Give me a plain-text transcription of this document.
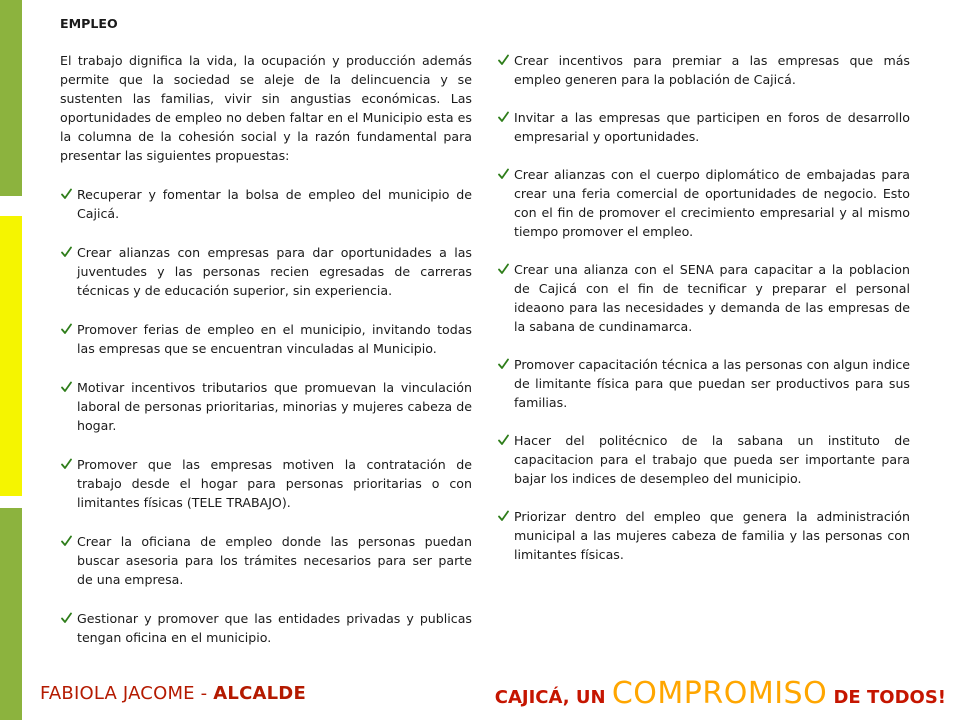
EMPLEO
El trabajo dignifica la vida, la ocupación y producción además permite que la sociedad se aleje de la delincuencia y se sustenten las familias, vivir sin angustias económicas. Las oportunidades de empleo no deben faltar en el Municipio esta es la columna de la cohesión social y la razón fundamental para presentar las siguientes propuestas:
Recuperar y fomentar la bolsa de empleo del municipio de Cajicá.
Crear alianzas con empresas para dar oportunidades a las juventudes y las personas recien egresadas de carreras técnicas y de educación superior, sin experiencia.
Promover ferias de empleo en el municipio, invitando todas las empresas que se encuentran vinculadas al Municipio.
Motivar incentivos tributarios que promuevan la vinculación laboral de personas prioritarias, minorias y mujeres cabeza de hogar.
Promover que las empresas motiven la contratación de trabajo desde el hogar para personas prioritarias o con limitantes físicas (TELE TRABAJO).
Crear la oficiana de empleo donde las personas puedan buscar asesoria para los trámites necesarios para ser parte de una empresa.
Gestionar y promover que las entidades privadas y publicas tengan oficina en el municipio.
Crear incentivos para premiar a las empresas que más empleo generen para la población de Cajicá.
Invitar a las empresas que participen en foros de desarrollo empresarial y oportunidades.
Crear alianzas con el cuerpo diplomático de embajadas para crear una feria comercial de oportunidades de negocio. Esto con el fin de promover el crecimiento empresarial y al mismo tiempo promover el empleo.
Crear una alianza con el SENA para capacitar a la poblacion de Cajicá con el fin de tecnificar y preparar el personal ideaono para las necesidades y demanda de las empresas de la sabana de cundinamarca.
Promover capacitación técnica a las personas con algun indice de limitante física para que puedan ser productivos para sus familias.
Hacer del politécnico de la sabana un instituto de capacitacion para el trabajo que pueda ser importante para bajar los indices de desempleo del municipio.
Priorizar dentro del empleo que genera la administración municipal a las mujeres cabeza de familia y las personas con limitantes físicas.
FABIOLA JACOME - ALCALDE	CAJICÁ, UN COMPROMISO DE TODOS!
